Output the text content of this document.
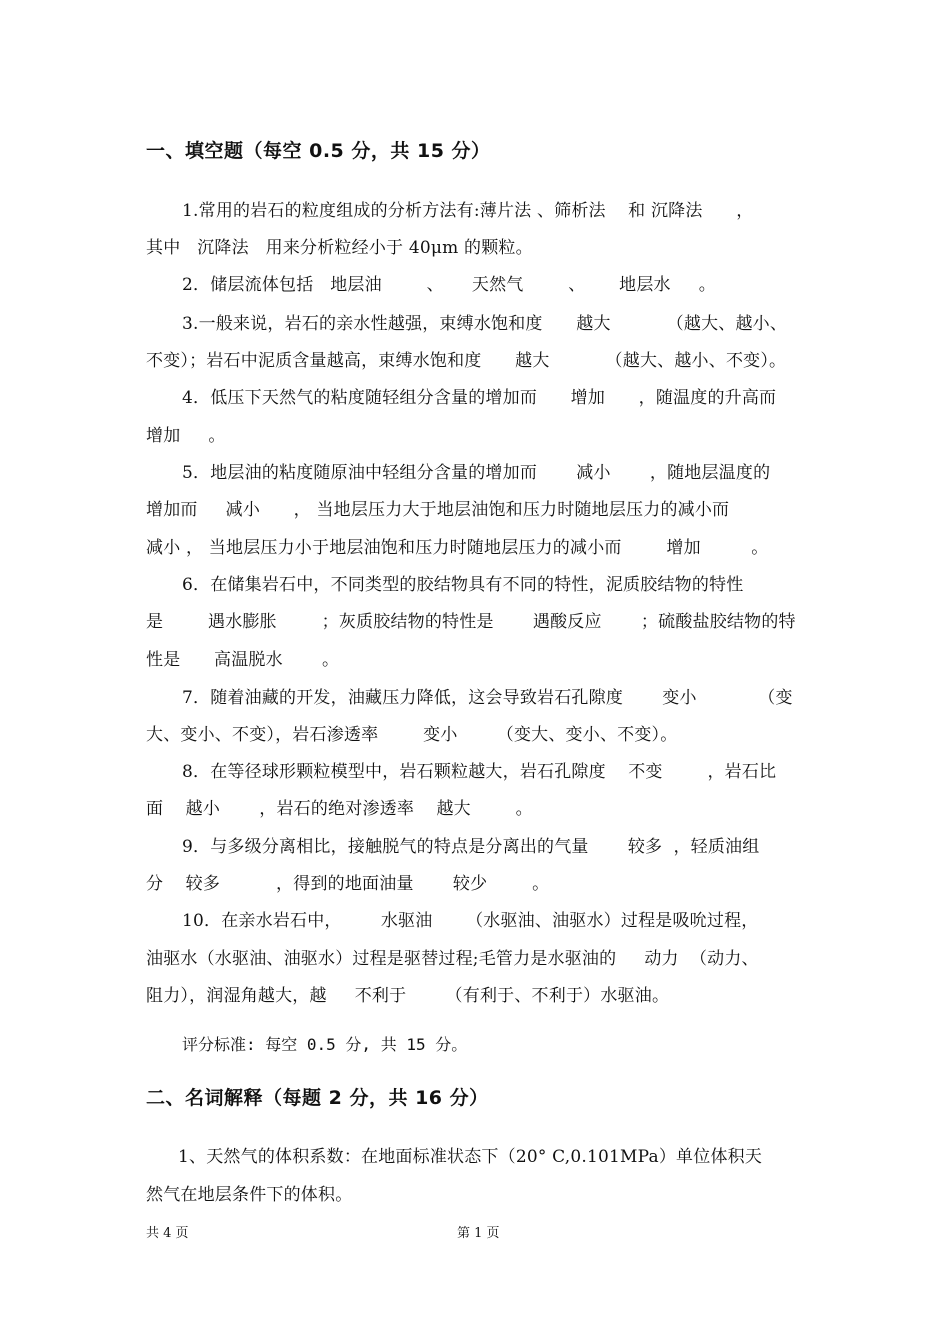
一、填空题（每空 0.5 分，共 15 分）
1.常用的岩石的粒度组成的分析方法有:薄片法 、筛析法    和 沉降法      ，
其中   沉降法   用来分析粒经小于 40μm 的颗粒。
2．储层流体包括   地层油        、     天然气        、      地层水     。
3.一般来说，岩石的亲水性越强，束缚水饱和度      越大          （越大、越小、
不变）；岩石中泥质含量越高，束缚水饱和度      越大          （越大、越小、不变）。
4．低压下天然气的粘度随轻组分含量的增加而      增加      ，随温度的升高而
增加     。
5．地层油的粘度随原油中轻组分含量的增加而       减小       ，随地层温度的
增加而     减小      ， 当地层压力大于地层油饱和压力时随地层压力的减小而
减小 ， 当地层压力小于地层油饱和压力时随地层压力的减小而        增加         。
6．在储集岩石中，不同类型的胶结物具有不同的特性，泥质胶结物的特性
是        遇水膨胀        ；灰质胶结物的特性是       遇酸反应       ；硫酸盐胶结物的特
性是      高温脱水       。
7．随着油藏的开发，油藏压力降低，这会导致岩石孔隙度       变小           （变
大、变小、不变），岩石渗透率        变小       （变大、变小、不变）。
8．在等径球形颗粒模型中，岩石颗粒越大，岩石孔隙度    不变        ，岩石比
面    越小       ，岩石的绝对渗透率    越大        。
9．与多级分离相比，接触脱气的特点是分离出的气量       较多  ，轻质油组
分    较多          ，得到的地面油量       较少        。
10．在亲水岩石中，       水驱油      （水驱油、油驱水）过程是吸吮过程，
油驱水（水驱油、油驱水）过程是驱替过程;毛管力是水驱油的     动力  （动力、
阻力），润湿角越大，越     不利于       （有利于、不利于）水驱油。
评分标准: 每空 0.5 分, 共 15 分。
二、名词解释（每题 2 分，共 16 分）
1、天然气的体积系数：在地面标准状态下（20° C,0.101MPa）单位体积天
然气在地层条件下的体积。
共 4 页	第 1 页
